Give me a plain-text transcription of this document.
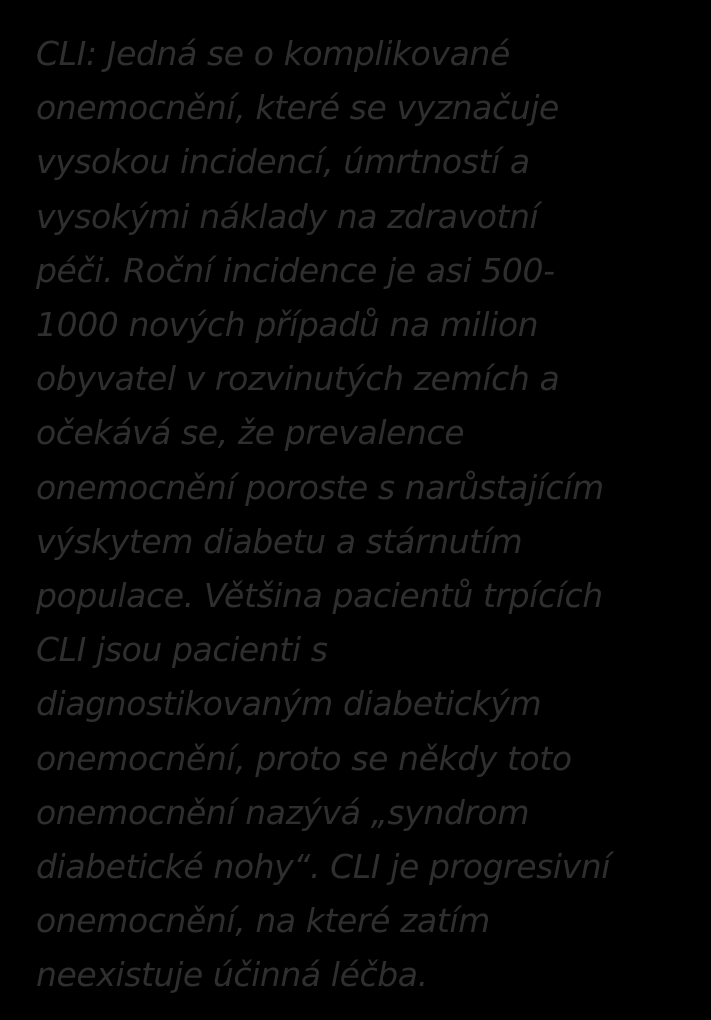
CLI: Jedná se o komplikované
onemocnění, které se vyznačuje
vysokou incidencí, úmrtností a
vysokými náklady na zdravotní
péči. Roční incidence je asi 500-
1000 nových případů na milion
obyvatel v rozvinutých zemích a
očekává se, že prevalence
onemocnění poroste s narůstajícím
výskytem diabetu a stárnutím
populace. Většina pacientů trpících
CLI jsou pacienti s
diagnostikovaným diabetickým
onemocnění, proto se někdy toto
onemocnění nazývá „syndrom
diabetické nohy“. CLI je progresivní
onemocnění, na které zatím
neexistuje účinná léčba.
